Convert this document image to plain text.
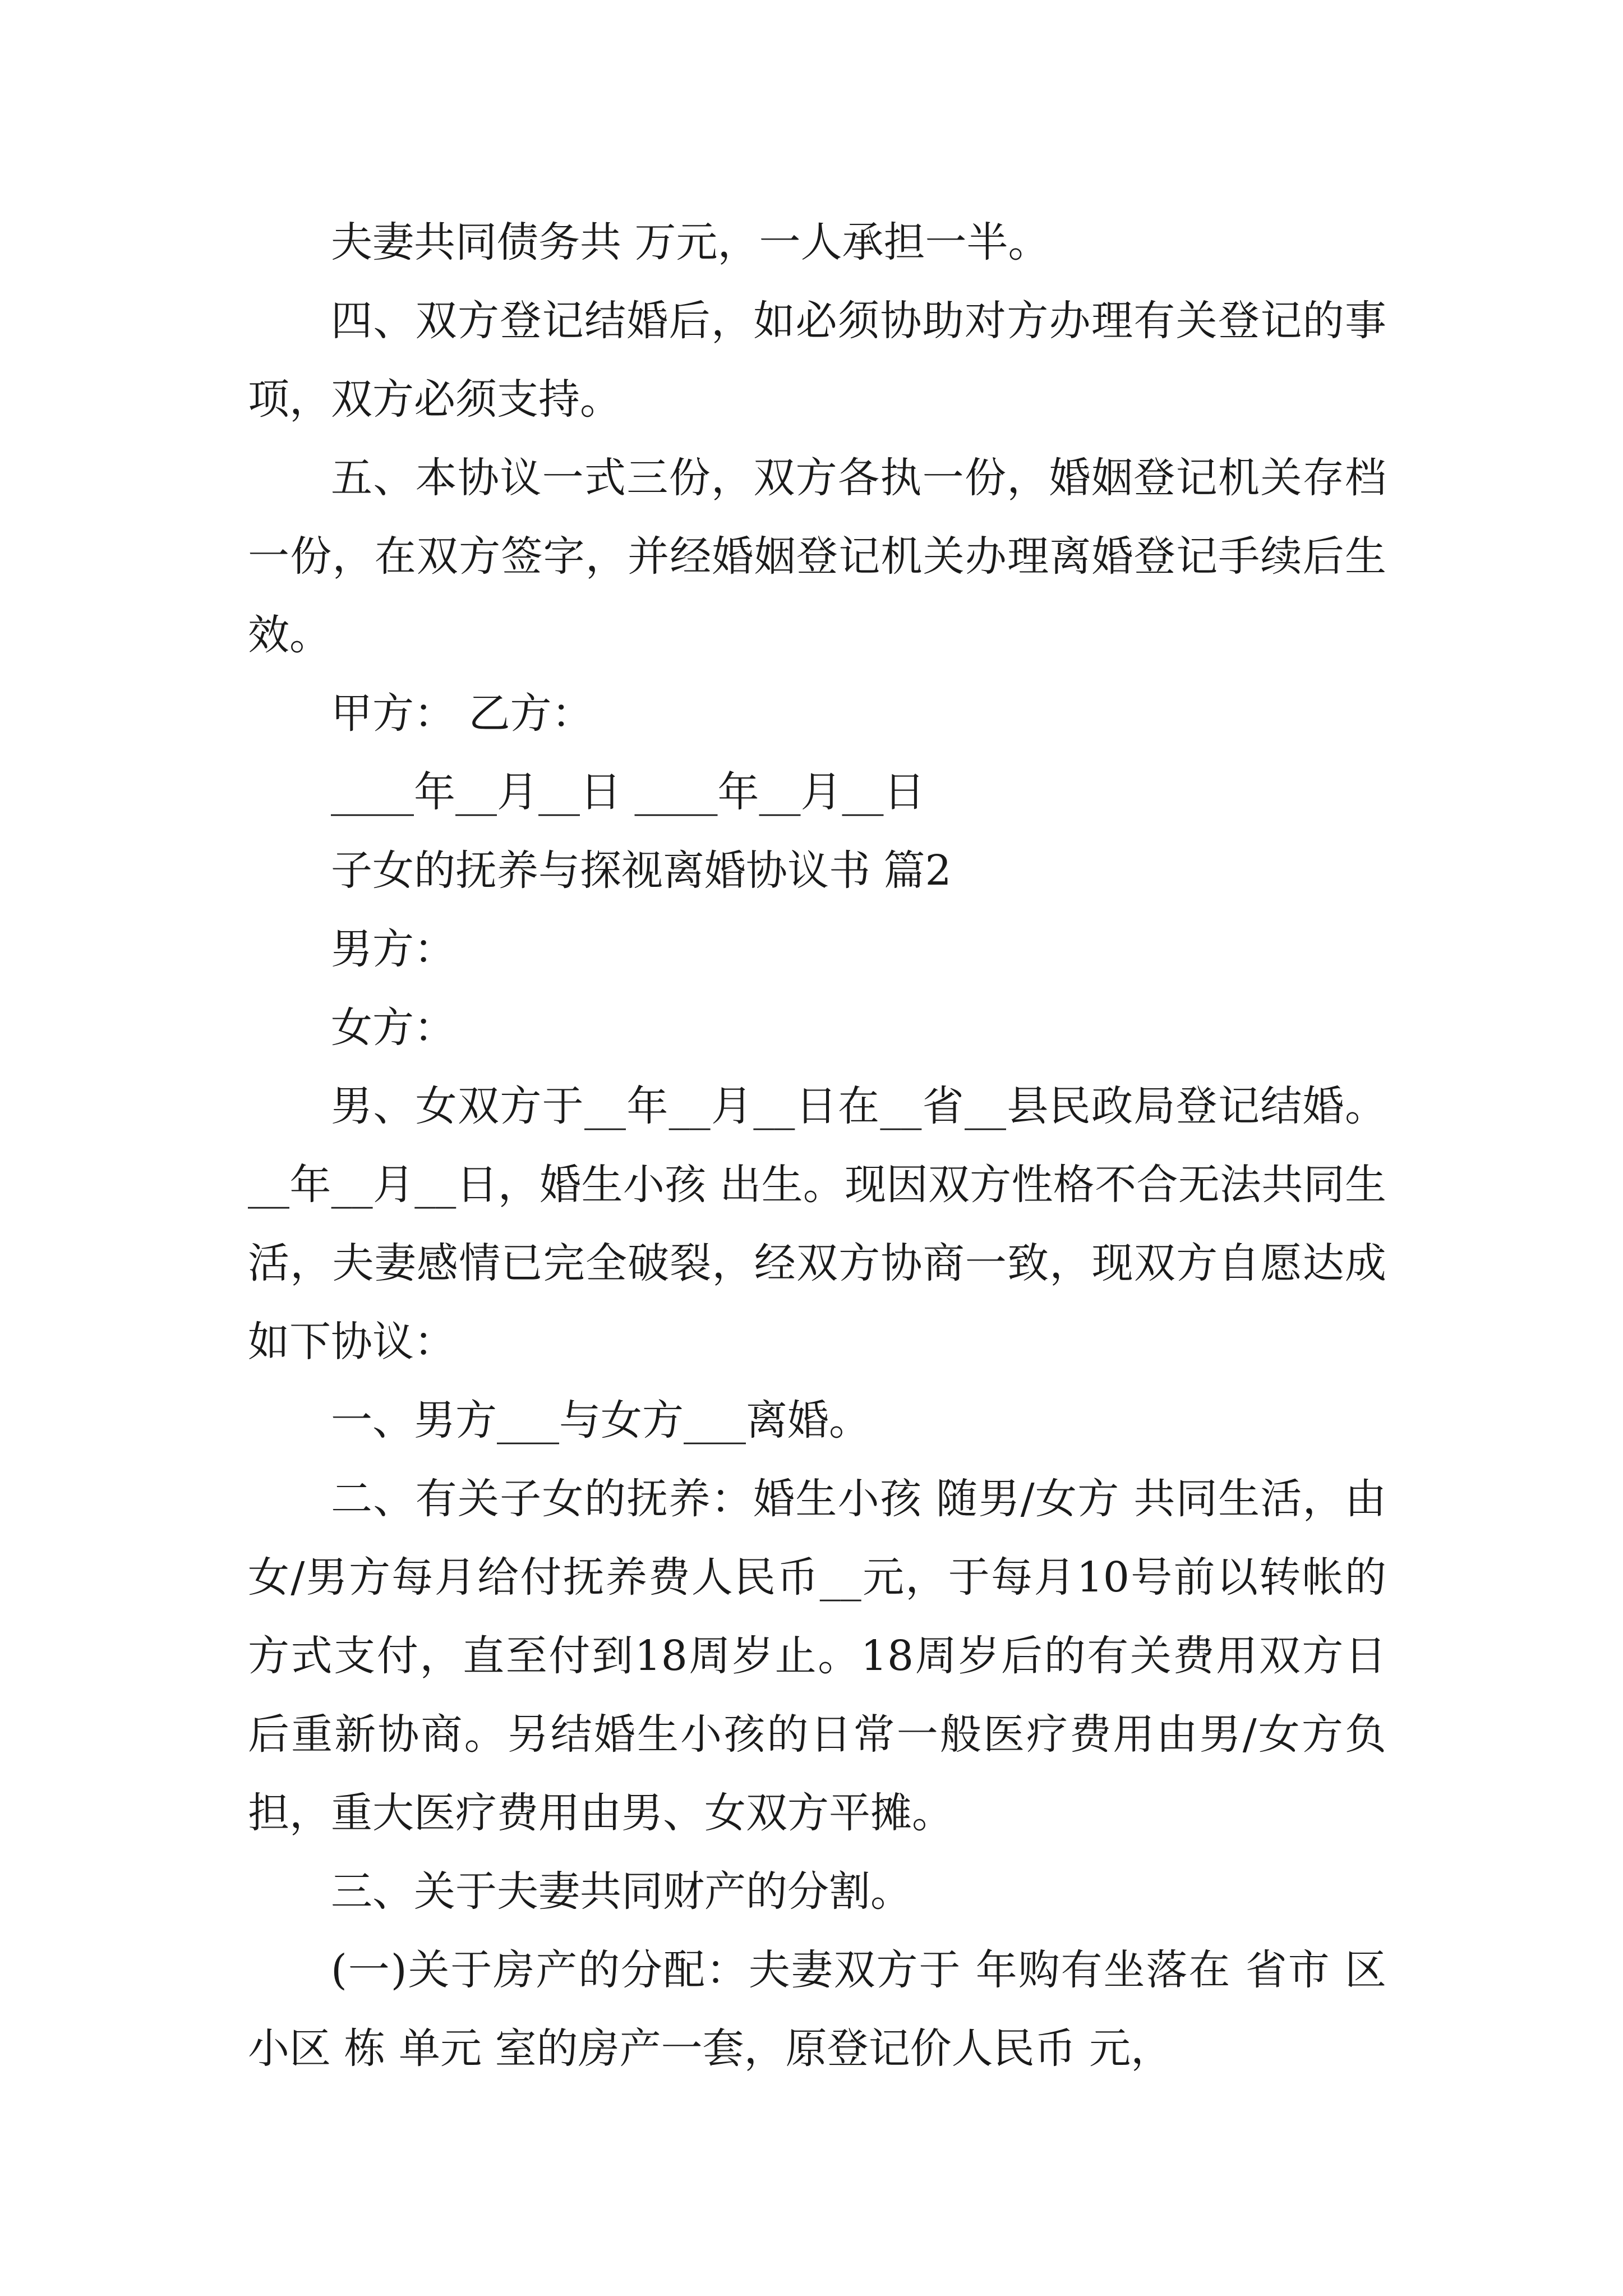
夫妻共同债务共 万元，一人承担一半。

四、双方登记结婚后，如必须协助对方办理有关登记的事项，双方必须支持。

五、本协议一式三份，双方各执一份，婚姻登记机关存档一份，在双方签字，并经婚姻登记机关办理离婚登记手续后生效。

甲方： 乙方：

____年__月__日 ____年__月__日

子女的抚养与探视离婚协议书 篇2

男方：

女方：

男、女双方于__年__月__日在__省__县民政局登记结婚。__年__月__日，婚生小孩 出生。现因双方性格不合无法共同生活，夫妻感情已完全破裂，经双方协商一致，现双方自愿达成如下协议：

一、男方___与女方___离婚。

二、有关子女的抚养：婚生小孩 随男/女方 共同生活，由女/男方每月给付抚养费人民币__元，于每月10号前以转帐的方式支付，直至付到18周岁止。18周岁后的有关费用双方日后重新协商。另结婚生小孩的日常一般医疗费用由男/女方负担，重大医疗费用由男、女双方平摊。

三、关于夫妻共同财产的分割。

(一)关于房产的分配：夫妻双方于 年购有坐落在 省市 区 小区 栋 单元 室的房产一套，原登记价人民币 元，
